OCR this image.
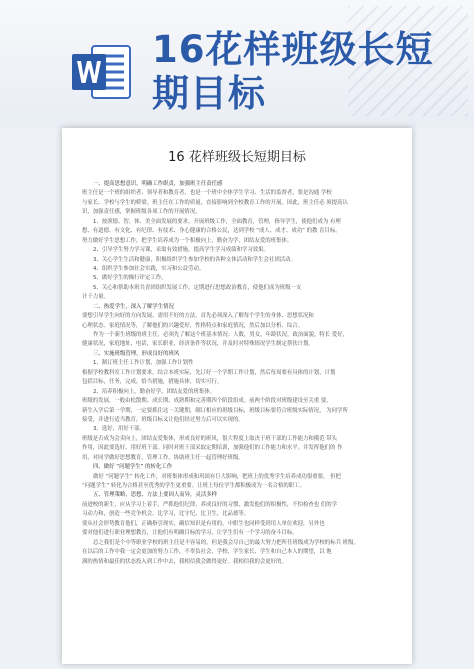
16花样班级长短
期目标
16 花样班级长短期目标
一、提高思想意识，明确工作职责，加强班主任责任感
班主任是一个班的组织者、领导者和教育者，也是一个班中全体学生学习、生活的监督者，要是沟通 学校
与家长、学校与学生的桥梁。班主任在工作的质量，直接影响到全校教育工作的开展。因此，班主任必 须提高认
识，加强责任感，掌握班级各项工作的开展情况。
1、按照德、智、体、美全面发展的要求，开展班级工作，全面教育，管理，指导学生，使他们成为 有理
想、有道德、有文化、有纪律、有技术、身心健康的合格公民，达到学校 “成人、成才、成功” 的教 育目标。
努力做好学生思想工作，把学生培养成为一个积极向上，勤奋为学，团结友爱的班集体。
2、引导学生努力学习课，采取有效措施，提高学生学习成绩和学习效果。
3、关心学生生活和健康，积极组织学生参加学校的各种文体活动和学生会社团活动。
4、组织学生参加社会实践，实习和公益劳动。
5、做好学生的操行评定工作。
5、关心和帮助本班共青团组织发展工作，定期进行思想政治教育，使他们成为班级一支
计干力量。
二、热爱学生，深入了解学生情况
要想引导学生向好的方向发展，需用不好的方法，首先必须深入了解每个学生的身体、思想状况和
心理状态。家庭情况等，了解他们的兴趣爱好，性格特点和家庭情况，然后加以分析、综合。
作为一个新生班级的班主任，必须先了解这个班基本情况：人数，男女，年龄状况，政治面貌，特长 爱好，
健康状况，家庭地址，电话，家长职业，经济条件等状况，并及时对特殊情况学生制定帮扶计划。
三、实施班级管理，形成良好的班风
1、制订班主任工作计划，加强工作计划性
根据学校教科室工作计划要求，结合本班实际，先订好一个学期工作计划，然后每周要有具体的计划，计划
包括目标，任务，完成，恰当措施，措施具体，切实可行。
2、培养积极向上，勤奋好学，团结友爱的班集体。
班级的发展，一般由松散期、成长期、成熟期和完善期四个阶段组成。前两个阶段对班级建设至关重 要，
新生入学后第一学期，一定要抓住这一关键期，制订相应的班级目标，班级目标要符合班级实际情况， 为同学所
接受，并进行适当教育，班级目标又让他们经过努力后可以实现的。
3、选好、用好干部。
班级是否成为会卖向上，团结友爱集体，形成良好的班风，很大程度上取决于班干部的工作能力和模范 带头
作用，因此要选好、用好班干部。同时对班干部采取定期培训，加强他们的工作能力和水平。并发挥他们的 作
用，对同学做好思想教育，管理工作，协助班主任一起管理好班级。
四、做好 “问题学生” 的转化工作
做好 “问题学生” 转化工作，对班集体形成和巩固有巨大影响，把班上的优秀学生培养成功很重要， 但把
“问题学生” 转化为合格甚至优秀的学生更重要。让班上每位学生都积极成为一名合格的职工。
五、管理策略，思想、方法上要因人而异，灵活多样
前进校的新生，应从学习上着手，严抓他们纪律，养成良好的习惯，激发他们的积极性，不怕检查也 们的学
习动力和，创造一些竞争机会，比学习，比守纪，比卫生，比品德等。
要从社会形势教育他们，正确指引现实，确信知识是有用的，中职生也同样受到用人单位欢迎，另外也
要对他们进行职业理想教育，让他们有明确目标的学习，让学生们有一个学习的奋斗目标。
总之我们是个中等职业学校的班主任是不容易的，但是我会尽自己的最大努力把所任班级成为学校的标兵 班级。
在以后的工作中我一定会更加的努力工作，不辜负社会、学校、学生家长、学生和自己本人的期望，以 饱
满的热情和最佳的状态投入到工作中去，我相信我会做得更好。我相信我的会更好的。
